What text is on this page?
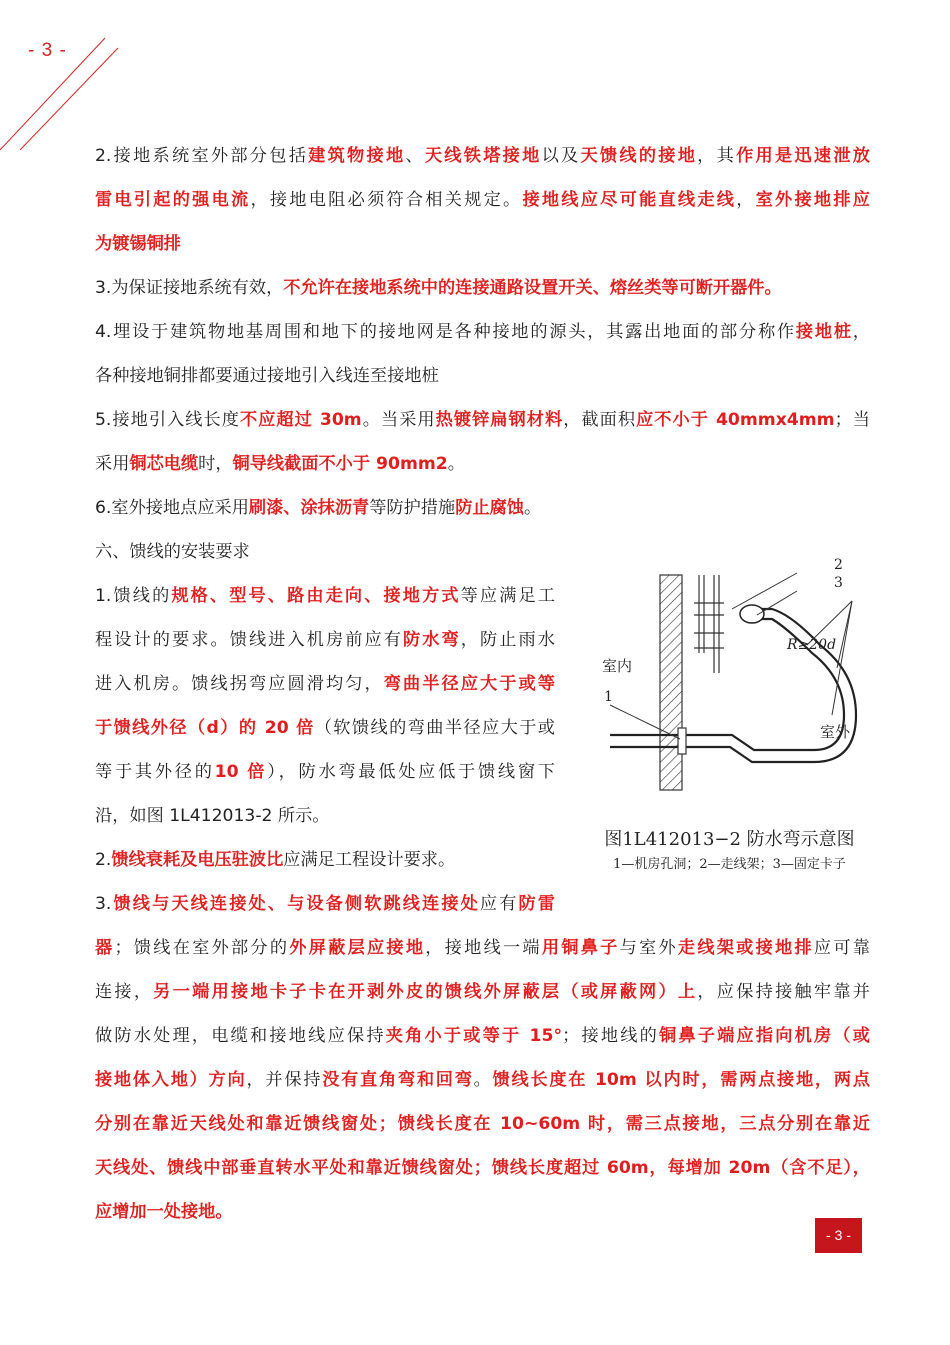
- 3 -
2.接地系统室外部分包括建筑物接地、天线铁塔接地以及天馈线的接地，其作用是迅速泄放
雷电引起的强电流，接地电阻必须符合相关规定。接地线应尽可能直线走线，室外接地排应
为镀锡铜排
3.为保证接地系统有效，不允许在接地系统中的连接通路设置开关、熔丝类等可断开器件。
4.埋设于建筑物地基周围和地下的接地网是各种接地的源头，其露出地面的部分称作接地桩，
各种接地铜排都要通过接地引入线连至接地桩
5.接地引入线长度不应超过 30m。当采用热镀锌扁钢材料，截面积应不小于 40mmx4mm；当
采用铜芯电缆时，铜导线截面不小于 90mm2。
6.室外接地点应采用刷漆、涂抹沥青等防护措施防止腐蚀。
六、馈线的安装要求
1.馈线的规格、型号、路由走向、接地方式等应满足工
程设计的要求。馈线进入机房前应有防水弯，防止雨水
进入机房。馈线拐弯应圆滑均匀，弯曲半径应大于或等
于馈线外径（d）的 20 倍（软馈线的弯曲半径应大于或
等于其外径的10 倍），防水弯最低处应低于馈线窗下
沿，如图 1L412013-2 所示。
2.馈线衰耗及电压驻波比应满足工程设计要求。
3.馈线与天线连接处、与设备侧软跳线连接处应有防雷
器；馈线在室外部分的外屏蔽层应接地，接地线一端用铜鼻子与室外走线架或接地排应可靠
连接，另一端用接地卡子卡在开剥外皮的馈线外屏蔽层（或屏蔽网）上，应保持接触牢靠并
做防水处理，电缆和接地线应保持夹角小于或等于 15°；接地线的铜鼻子端应指向机房（或
接地体入地）方向，并保持没有直角弯和回弯。馈线长度在 10m 以内时，需两点接地，两点
分别在靠近天线处和靠近馈线窗处；馈线长度在 10~60m 时，需三点接地，三点分别在靠近
天线处、馈线中部垂直转水平处和靠近馈线窗处；馈线长度超过 60m，每增加 20m（含不足），
应增加一处接地。
2
3
1
室内
室外
R≥20d
图1L412013−2 防水弯示意图
1—机房孔洞；2—走线架；3—固定卡子
- 3 -
